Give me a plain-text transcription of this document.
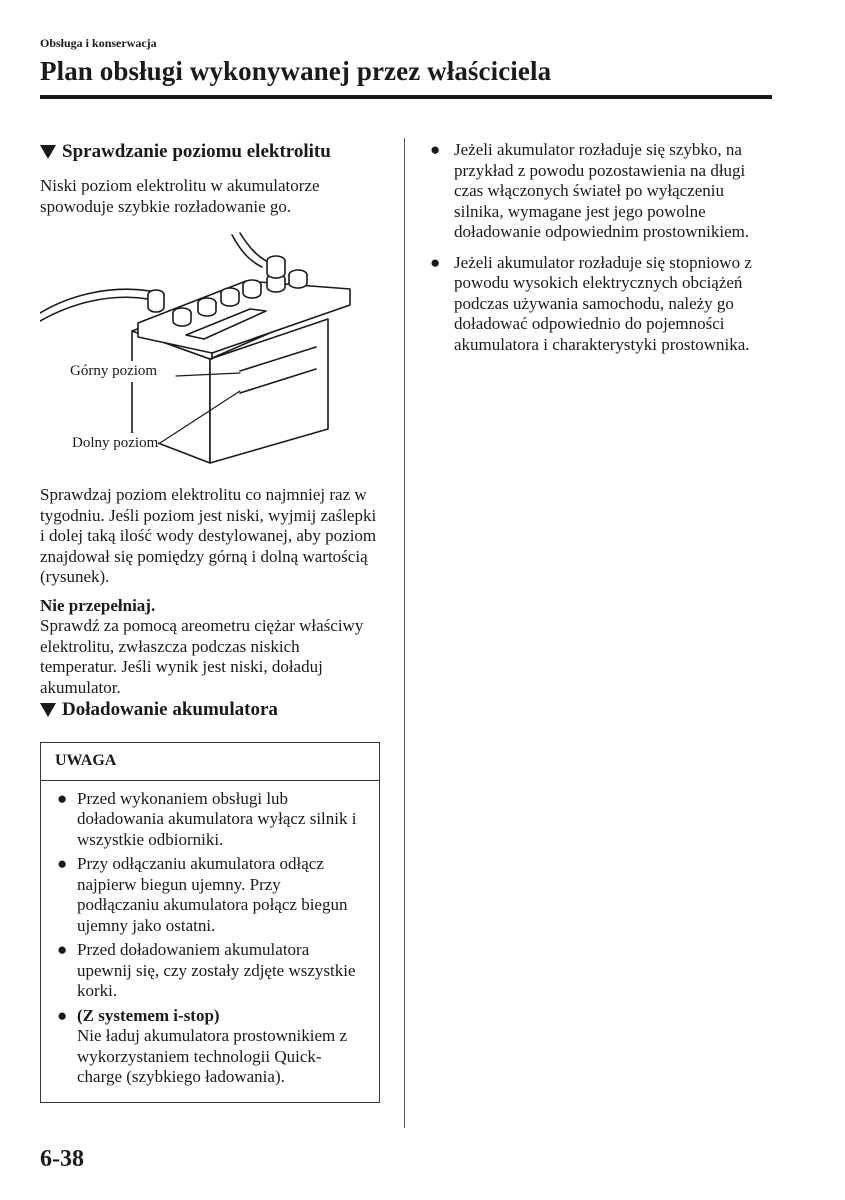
Obsługa i konserwacja
Plan obsługi wykonywanej przez właściciela
Sprawdzanie poziomu elektrolitu

Niski poziom elektrolitu w akumulatorze spowoduje szybkie rozładowanie go.

Górny poziom
Dolny poziom

Sprawdzaj poziom elektrolitu co najmniej raz w tygodniu. Jeśli poziom jest niski, wyjmij zaślepki i dolej taką ilość wody destylowanej, aby poziom znajdował się pomiędzy górną i dolną wartością (rysunek).

Nie przepełniaj.

Sprawdź za pomocą areometru ciężar właściwy elektrolitu, zwłaszcza podczas niskich temperatur. Jeśli wynik jest niski, doładuj akumulator.

Doładowanie akumulatora
UWAGA
● Przed wykonaniem obsługi lub doładowania akumulatora wyłącz silnik i wszystkie odbiorniki.
● Przy odłączaniu akumulatora odłącz najpierw biegun ujemny. Przy podłączaniu akumulatora połącz biegun ujemny jako ostatni.
● Przed doładowaniem akumulatora upewnij się, czy zostały zdjęte wszystkie korki.
● (Z systemem i-stop)
Nie ładuj akumulatora prostownikiem z wykorzystaniem technologii Quick-charge (szybkiego ładowania).
● Jeżeli akumulator rozładuje się szybko, na przykład z powodu pozostawienia na długi czas włączonych świateł po wyłączeniu silnika, wymagane jest jego powolne doładowanie odpowiednim prostownikiem.
● Jeżeli akumulator rozładuje się stopniowo z powodu wysokich elektrycznych obciążeń podczas używania samochodu, należy go doładować odpowiednio do pojemności akumulatora i charakterystyki prostownika.
6-38
